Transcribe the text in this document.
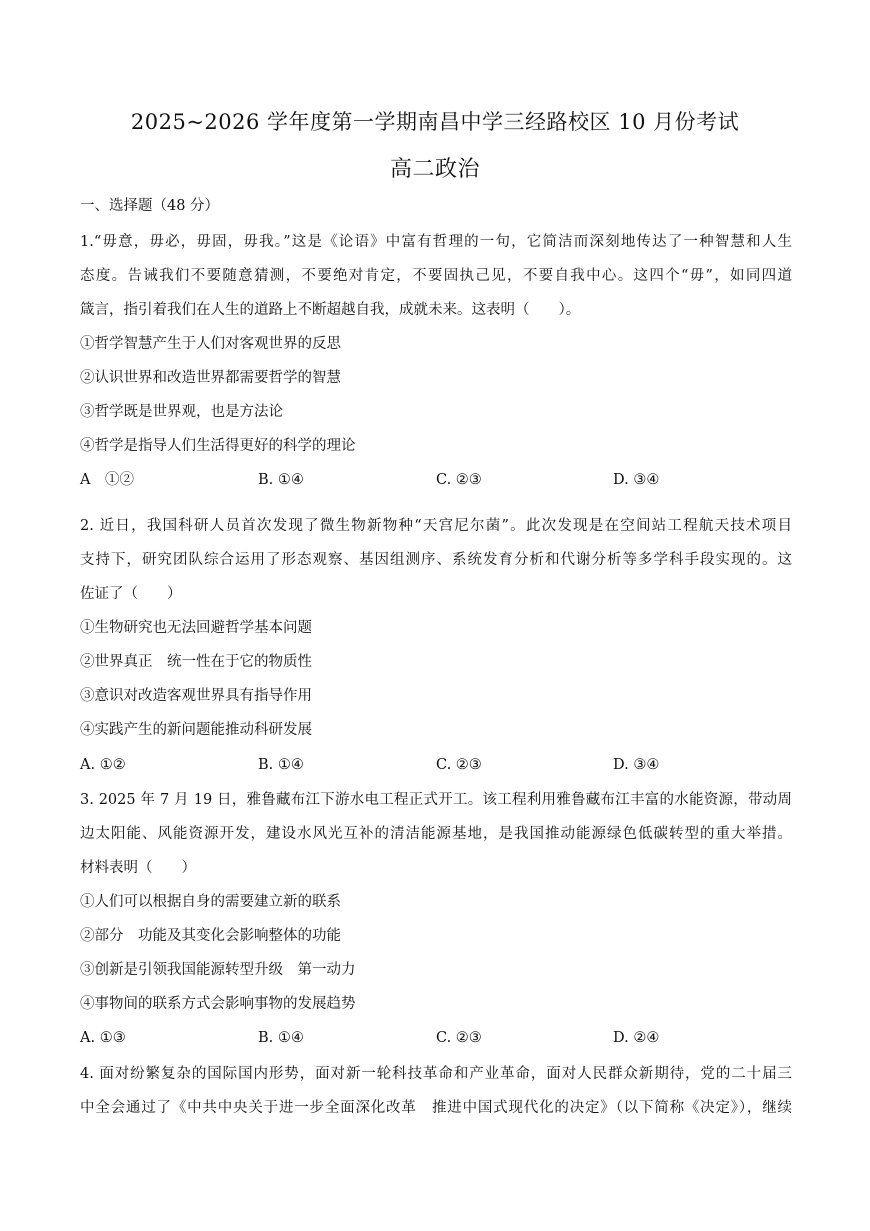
2025~2026 学年度第一学期南昌中学三经路校区 10 月份考试
高二政治
一、选择题（48 分）
1.“毋意，毋必，毋固，毋我。”这是《论语》中富有哲理的一句，它简洁而深刻地传达了一种智慧和人生
态度。告诫我们不要随意猜测，不要绝对肯定，不要固执己见，不要自我中心。这四个“毋”，如同四道
箴言，指引着我们在人生的道路上不断超越自我，成就未来。这表明（　　）。
①哲学智慧产生于人们对客观世界的反思
②认识世界和改造世界都需要哲学的智慧
③哲学既是世界观，也是方法论
④哲学是指导人们生活得更好的科学的理论
A　①②	B. ①④	C. ②③	D. ③④
2. 近日，我国科研人员首次发现了微生物新物种“天宫尼尔菌”。此次发现是在空间站工程航天技术项目
支持下，研究团队综合运用了形态观察、基因组测序、系统发育分析和代谢分析等多学科手段实现的。这
佐证了（　　）
①生物研究也无法回避哲学基本问题
②世界真正　统一性在于它的物质性
③意识对改造客观世界具有指导作用
④实践产生的新问题能推动科研发展
A. ①②	B. ①④	C. ②③	D. ③④
3. 2025 年 7 月 19 日，雅鲁藏布江下游水电工程正式开工。该工程利用雅鲁藏布江丰富的水能资源，带动周
边太阳能、风能资源开发，建设水风光互补的清洁能源基地，是我国推动能源绿色低碳转型的重大举措。
材料表明（　　）
①人们可以根据自身的需要建立新的联系
②部分　功能及其变化会影响整体的功能
③创新是引领我国能源转型升级　第一动力
④事物间的联系方式会影响事物的发展趋势
A. ①③	B. ①④	C. ②③	D. ②④
4. 面对纷繁复杂的国际国内形势，面对新一轮科技革命和产业革命，面对人民群众新期待，党的二十届三
中全会通过了《中共中央关于进一步全面深化改革　推进中国式现代化的决定》（以下简称《决定》），继续
